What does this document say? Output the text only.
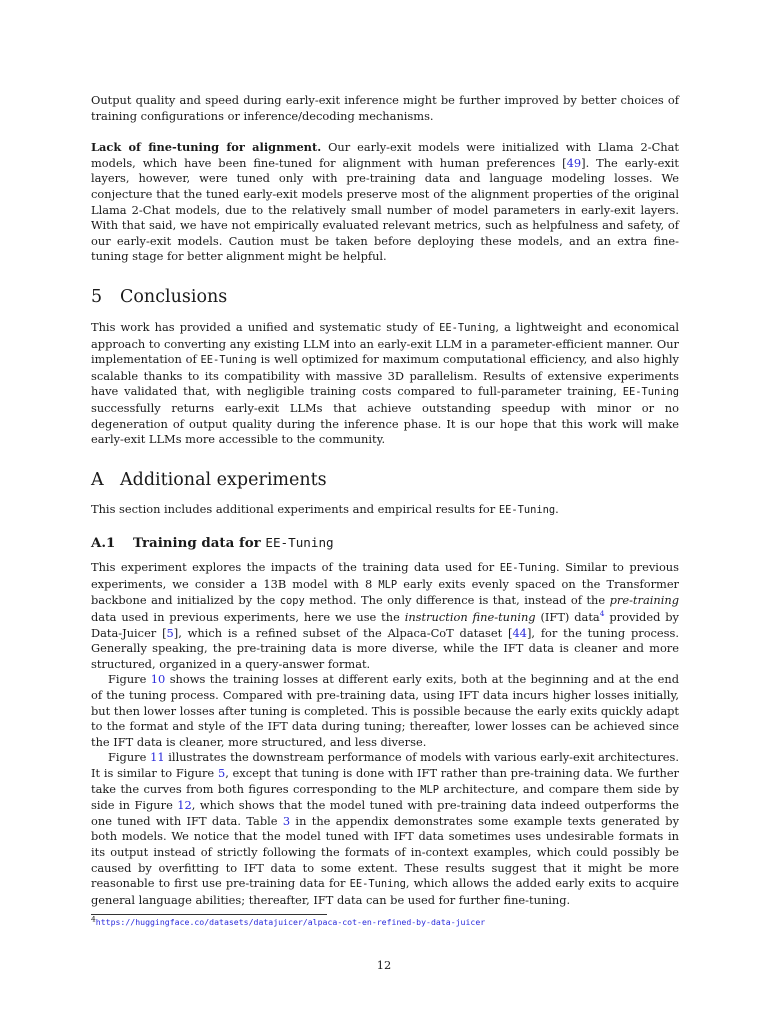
Output quality and speed during early-exit inference might be further improved by better choices of training configurations or inference/decoding mechanisms.

Lack of fine-tuning for alignment. Our early-exit models were initialized with Llama 2-Chat models, which have been fine-tuned for alignment with human preferences [49]. The early-exit layers, however, were tuned only with pre-training data and language modeling losses. We conjecture that the tuned early-exit models preserve most of the alignment properties of the original Llama 2-Chat models, due to the relatively small number of model parameters in early-exit layers. With that said, we have not empirically evaluated relevant metrics, such as helpfulness and safety, of our early-exit models. Caution must be taken before deploying these models, and an extra fine-tuning stage for better alignment might be helpful.

5 Conclusions

This work has provided a unified and systematic study of EE-Tuning, a lightweight and economical approach to converting any existing LLM into an early-exit LLM in a parameter-efficient manner. Our implementation of EE-Tuning is well optimized for maximum computational efficiency, and also highly scalable thanks to its compatibility with massive 3D parallelism. Results of extensive experiments have validated that, with negligible training costs compared to full-parameter training, EE-Tuning successfully returns early-exit LLMs that achieve outstanding speedup with minor or no degeneration of output quality during the inference phase. It is our hope that this work will make early-exit LLMs more accessible to the community.

A Additional experiments

This section includes additional experiments and empirical results for EE-Tuning.

A.1 Training data for EE-Tuning

This experiment explores the impacts of the training data used for EE-Tuning. Similar to previous experiments, we consider a 13B model with 8 MLP early exits evenly spaced on the Transformer backbone and initialized by the copy method. The only difference is that, instead of the pre-training data used in previous experiments, here we use the instruction fine-tuning (IFT) data$^4$ provided by Data-Juicer [5], which is a refined subset of the Alpaca-CoT dataset [44], for the tuning process. Generally speaking, the pre-training data is more diverse, while the IFT data is cleaner and more structured, organized in a query-answer format.

Figure 10 shows the training losses at different early exits, both at the beginning and at the end of the tuning process. Compared with pre-training data, using IFT data incurs higher losses initially, but then lower losses after tuning is completed. This is possible because the early exits quickly adapt to the format and style of the IFT data during tuning; thereafter, lower losses can be achieved since the IFT data is cleaner, more structured, and less diverse.

Figure 11 illustrates the downstream performance of models with various early-exit architectures. It is similar to Figure 5, except that tuning is done with IFT rather than pre-training data. We further take the curves from both figures corresponding to the MLP architecture, and compare them side by side in Figure 12, which shows that the model tuned with pre-training data indeed outperforms the one tuned with IFT data. Table 3 in the appendix demonstrates some example texts generated by both models. We notice that the model tuned with IFT data sometimes uses undesirable formats in its output instead of strictly following the formats of in-context examples, which could possibly be caused by overfitting to IFT data to some extent. These results suggest that it might be more reasonable to first use pre-training data for EE-Tuning, which allows the added early exits to acquire general language abilities; thereafter, IFT data can be used for further fine-tuning.

$^4$https://huggingface.co/datasets/datajuicer/alpaca-cot-en-refined-by-data-juicer

12
